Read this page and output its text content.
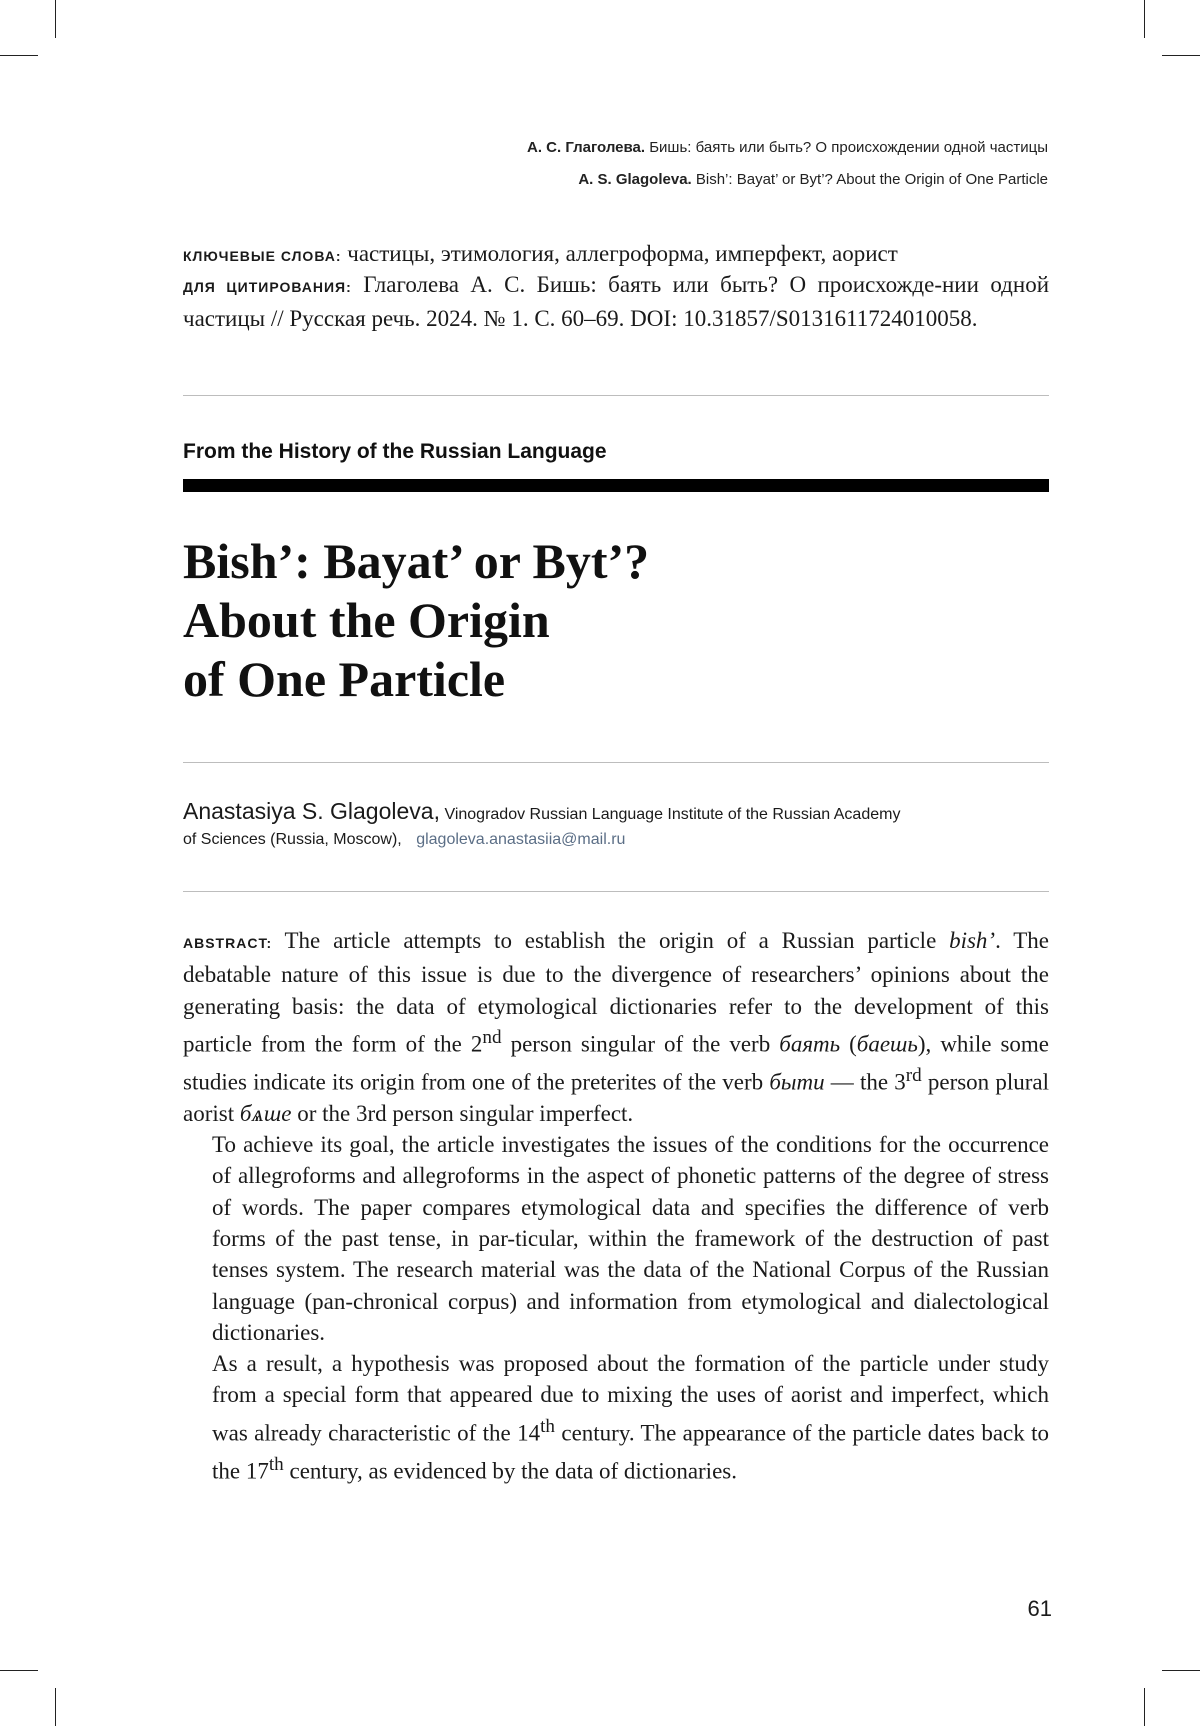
А. С. Глаголева. Бишь: баять или быть? О происхождении одной частицы
A. S. Glagoleva. Bish’: Bayat’ or Byt’? About the Origin of One Particle
КЛЮЧЕВЫЕ СЛОВА: частицы, этимология, аллегроформа, имперфект, аорист
ДЛЯ ЦИТИРОВАНИЯ: Глаголева А. С. Бишь: баять или быть? О происхожде-нии одной частицы // Русская речь. 2024. № 1. С. 60–69. DOI: 10.31857/S0131611724010058.
From the History of the Russian Language
Bish’: Bayat’ or Byt’?
About the Origin
of One Particle
Anastasiya S. Glagoleva, Vinogradov Russian Language Institute of the Russian Academy
of Sciences (Russia, Moscow), glagoleva.anastasiia@mail.ru

ABSTRACT: The article attempts to establish the origin of a Russian particle bish’. The debatable nature of this issue is due to the divergence of researchers’ opinions about the generating basis: the data of etymological dictionaries refer to the development of this particle from the form of the 2nd person singular of the verb баять (баешь), while some studies indicate its origin from one of the preterites of the verb быти — the 3rd person plural aorist бѧше or the 3rd person singular imperfect.

To achieve its goal, the article investigates the issues of the conditions for the occurrence of allegroforms and allegroforms in the aspect of phonetic patterns of the degree of stress of words. The paper compares etymological data and specifies the difference of verb forms of the past tense, in par-ticular, within the framework of the destruction of past tenses system. The research material was the data of the National Corpus of the Russian language (pan-chronical corpus) and information from etymological and dialectological dictionaries.

As a result, a hypothesis was proposed about the formation of the particle under study from a special form that appeared due to mixing the uses of aorist and imperfect, which was already characteristic of the 14th century. The appearance of the particle dates back to the 17th century, as evidenced by the data of dictionaries.

61
